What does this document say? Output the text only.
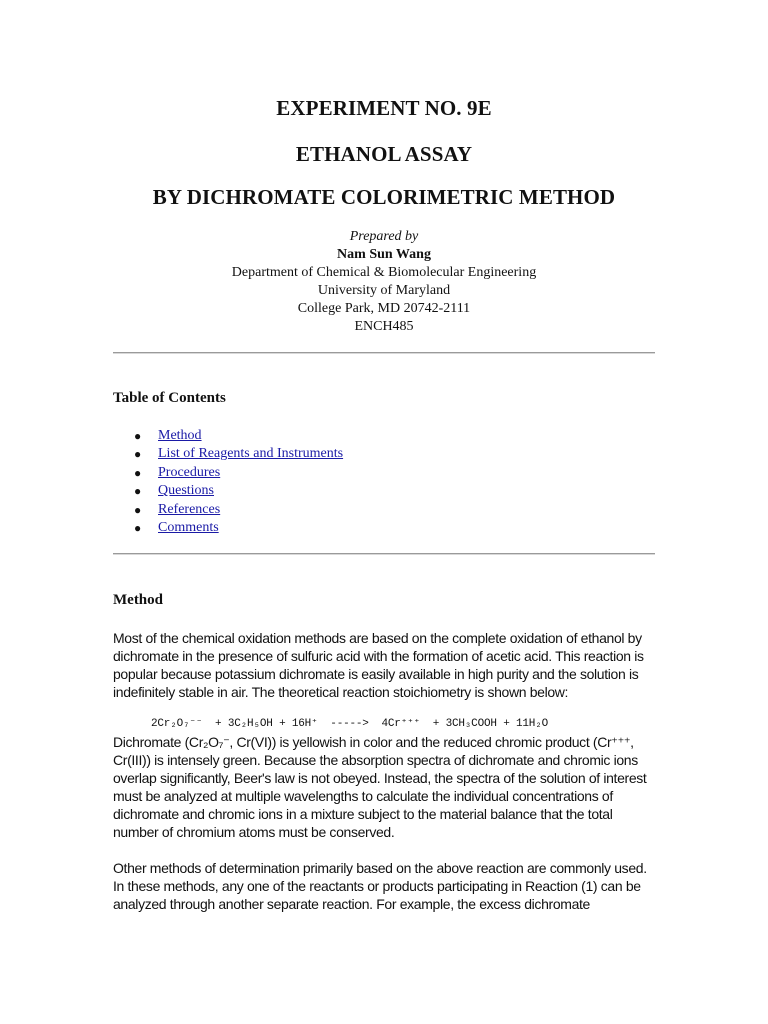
EXPERIMENT NO. 9E
ETHANOL ASSAY
BY DICHROMATE COLORIMETRIC METHOD
Prepared by
Nam Sun Wang
Department of Chemical & Biomolecular Engineering
University of Maryland
College Park, MD 20742-2111
ENCH485
Table of Contents
● Method
● List of Reagents and Instruments
● Procedures
● Questions
● References
● Comments
Method

Most of the chemical oxidation methods are based on the complete oxidation of ethanol by dichromate in the presence of sulfuric acid with the formation of acetic acid. This reaction is popular because potassium dichromate is easily available in high purity and the solution is indefinitely stable in air. The theoretical reaction stoichiometry is shown below:

2Cr₂O₇⁻⁻  + 3C₂H₅OH + 16H⁺  ----->  4Cr⁺⁺⁺  + 3CH₃COOH + 11H₂O

Dichromate (Cr₂O₇⁻, Cr(VI)) is yellowish in color and the reduced chromic product (Cr⁺⁺⁺, Cr(III)) is intensely green. Because the absorption spectra of dichromate and chromic ions overlap significantly, Beer's law is not obeyed. Instead, the spectra of the solution of interest must be analyzed at multiple wavelengths to calculate the individual concentrations of dichromate and chromic ions in a mixture subject to the material balance that the total number of chromium atoms must be conserved.

Other methods of determination primarily based on the above reaction are commonly used. In these methods, any one of the reactants or products participating in Reaction (1) can be analyzed through another separate reaction. For example, the excess dichromate
